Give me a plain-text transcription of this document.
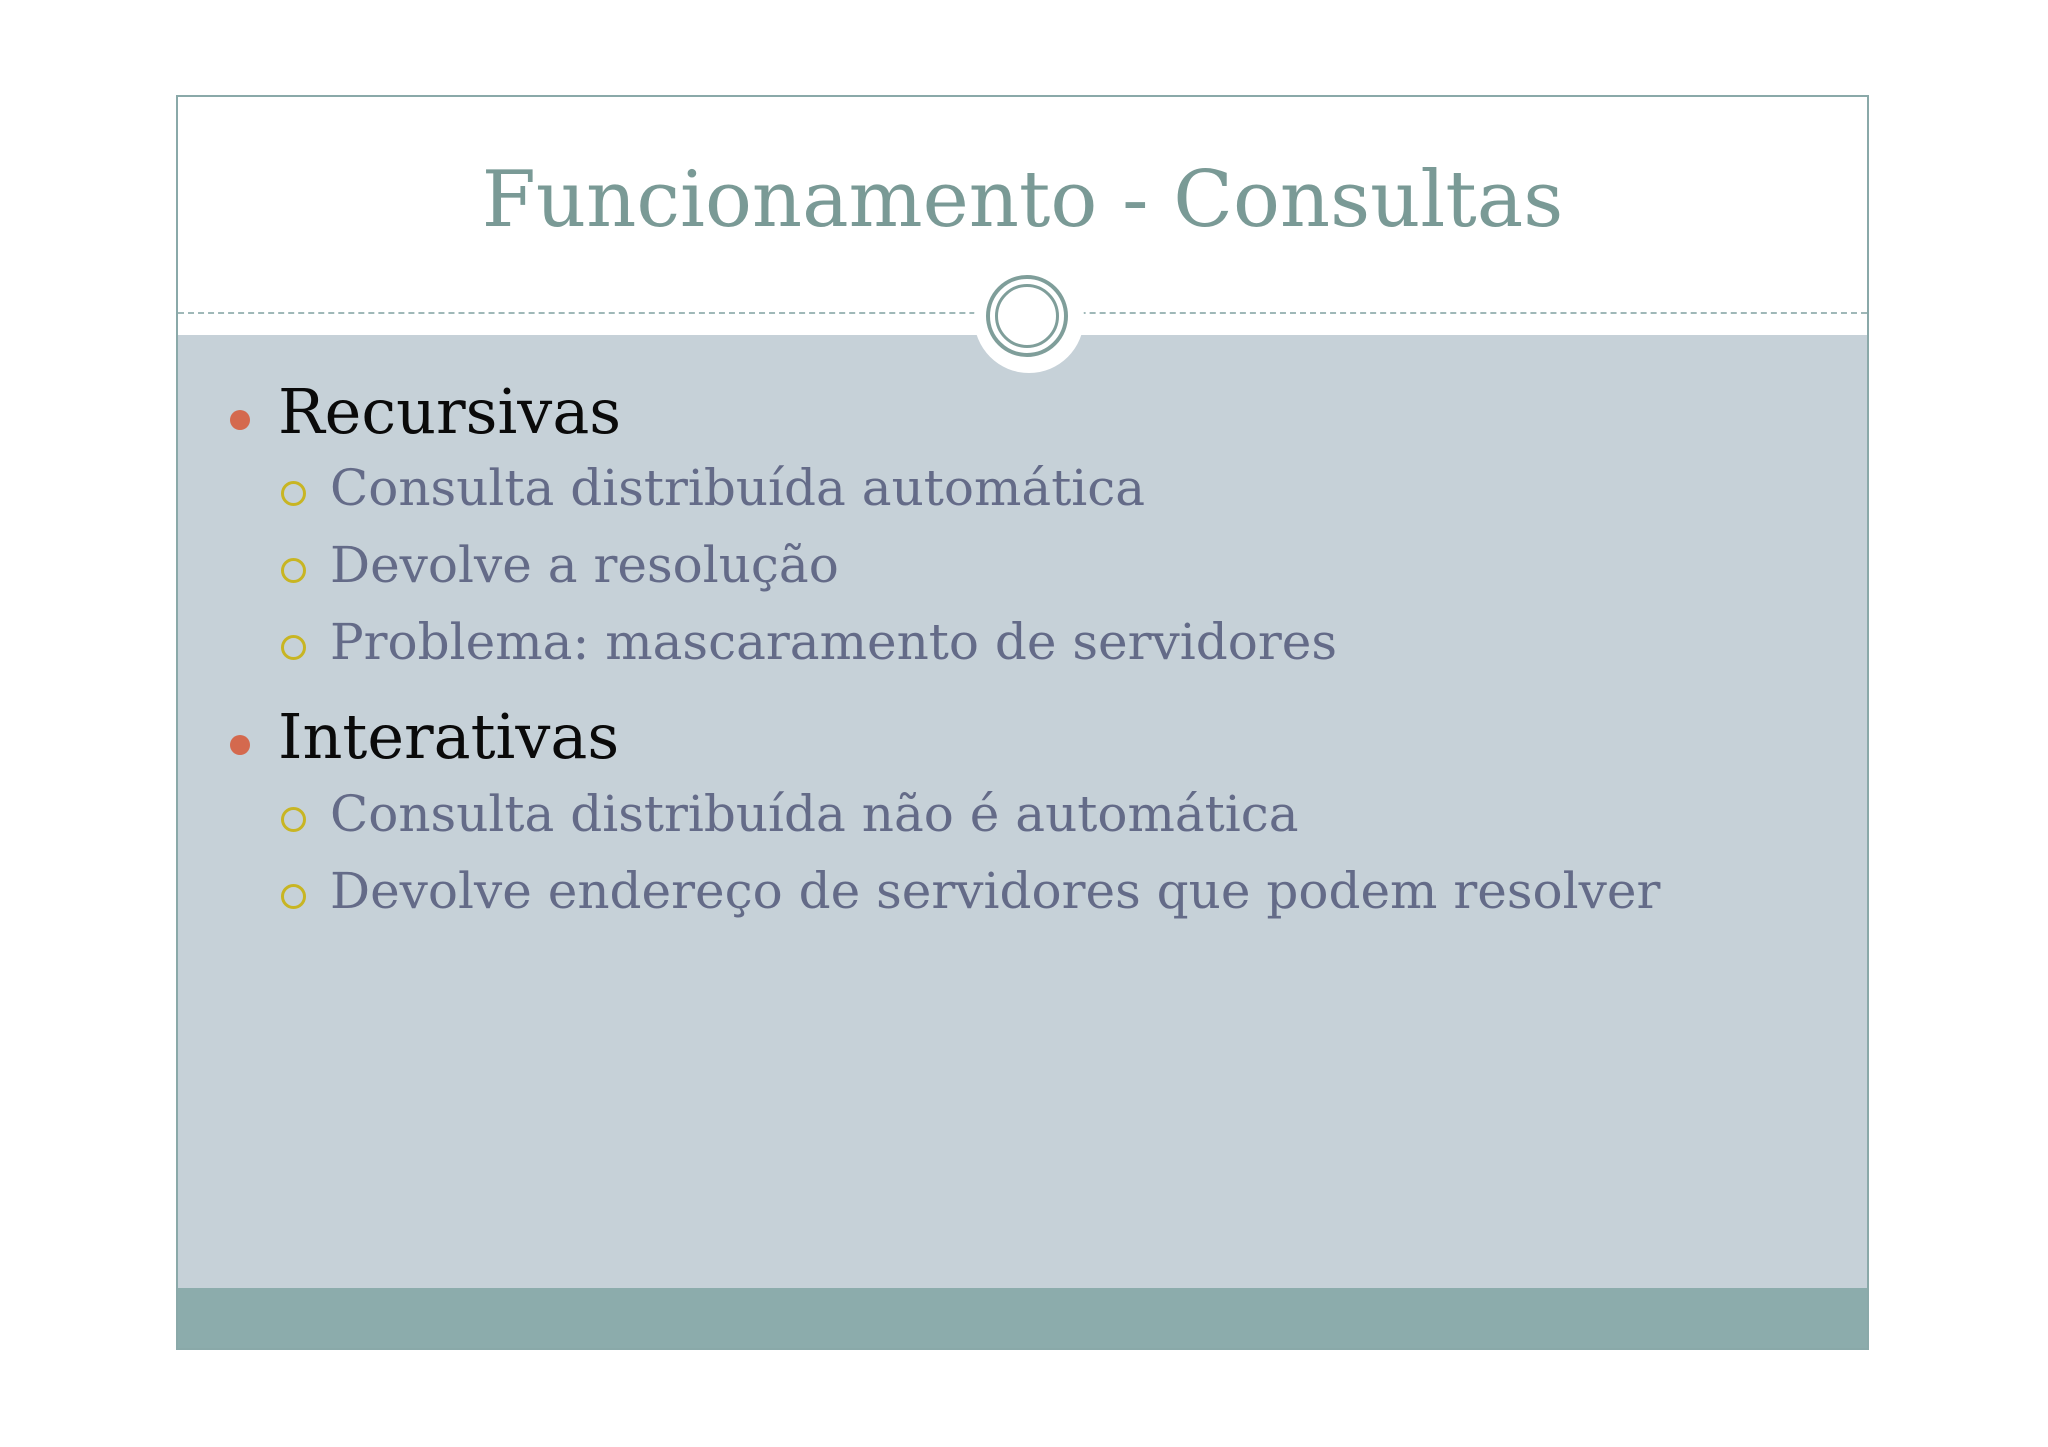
Funcionamento - Consultas
Recursivas
Consulta distribuída automática
Devolve a resolução
Problema: mascaramento de servidores
Interativas
Consulta distribuída não é automática
Devolve endereço de servidores que podem resolver
